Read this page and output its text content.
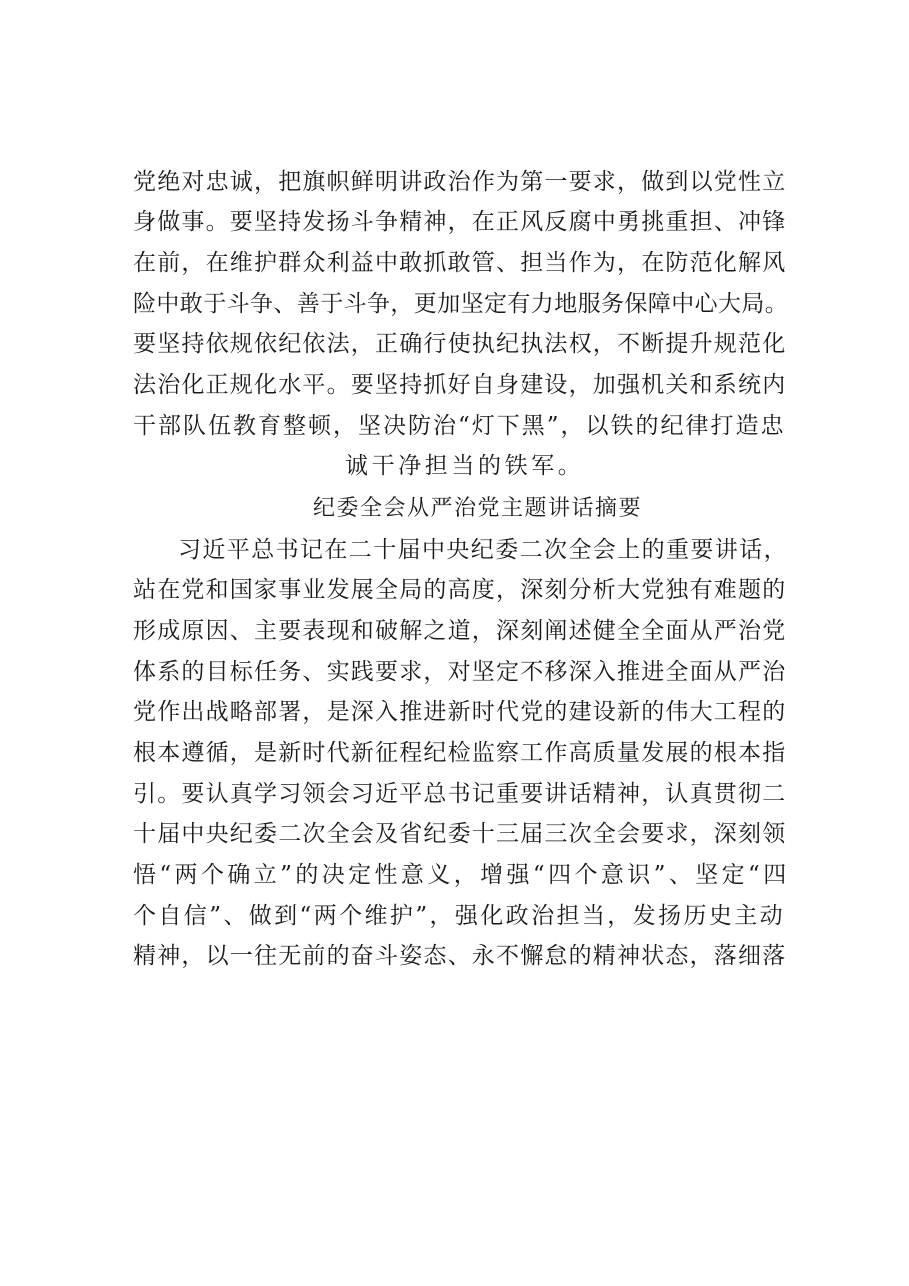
党绝对忠诚，把旗帜鲜明讲政治作为第一要求，做到以党性立
身做事。要坚持发扬斗争精神，在正风反腐中勇挑重担、冲锋
在前，在维护群众利益中敢抓敢管、担当作为，在防范化解风
险中敢于斗争、善于斗争，更加坚定有力地服务保障中心大局。
要坚持依规依纪依法，正确行使执纪执法权，不断提升规范化
法治化正规化水平。要坚持抓好自身建设，加强机关和系统内
干部队伍教育整顿，坚决防治“灯下黑”，以铁的纪律打造忠
诚干净担当的铁军。
纪委全会从严治党主题讲话摘要
习近平总书记在二十届中央纪委二次全会上的重要讲话，
站在党和国家事业发展全局的高度，深刻分析大党独有难题的
形成原因、主要表现和破解之道，深刻阐述健全全面从严治党
体系的目标任务、实践要求，对坚定不移深入推进全面从严治
党作出战略部署，是深入推进新时代党的建设新的伟大工程的
根本遵循，是新时代新征程纪检监察工作高质量发展的根本指
引。要认真学习领会习近平总书记重要讲话精神，认真贯彻二
十届中央纪委二次全会及省纪委十三届三次全会要求，深刻领
悟“两个确立”的决定性意义，增强“四个意识”、坚定“四
个自信”、做到“两个维护”，强化政治担当，发扬历史主动
精神，以一往无前的奋斗姿态、永不懈怠的精神状态，落细落
